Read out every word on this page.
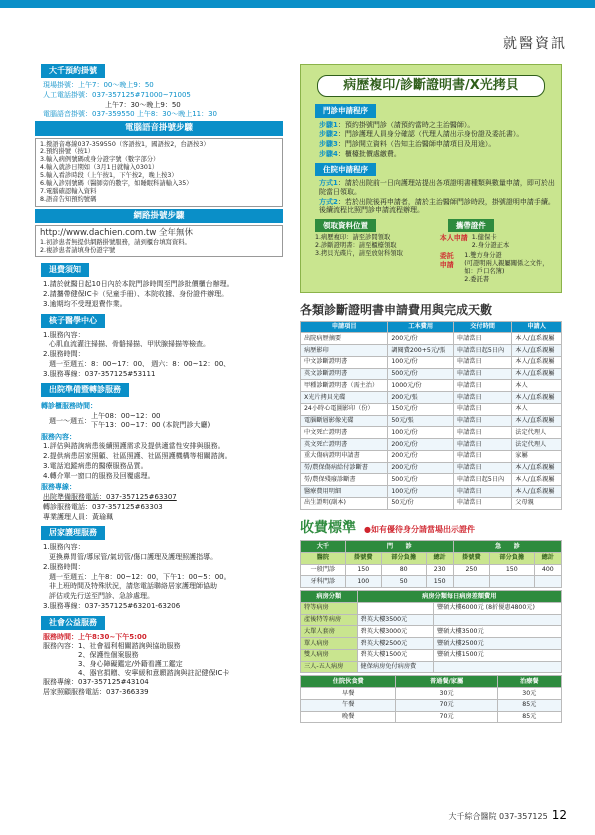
就醫資訊
大千預約掛號
現場掛號：上午7：00～晚上9：50
人工電話掛號：037-357125#71000~71005
上午7：30～晚上9：50
電腦語音掛號：037-359550 上午8：30～晚上11：30
電腦語音掛號步驟
1.撥語音專線037-359550（客語按1，國語按2，台語按3）
2.預約掛號（按1）
3.輸入病例號碼或身分證字號（數字部分）
4.輸入就診日期如（3月1日就輸入0301）
5.輸入看診時段（上午按1，下午按2，晚上按3）
6.輸入診別號碼（醫師旁的數字，如睡眠科請輸入35）
7.電腦確認輸入資料
8.語音告知預約號碼
網路掛號步驟
http://www.dachien.com.tw 全年無休
1.初診患者無提供網路掛號服務，請到櫃台填寫資料。
2.複診患者請填身份證字號
退費須知
1.請於就醫日起10日內於本院門診時間至門診批價櫃台辦理。
2.請攜帶健保IC卡（兒童手冊）、本院收據、身份證件辦理。
3.逾期均不受理退費作業。
核子醫學中心
1.服務內容：
心肌血流灌注掃描、骨骼掃描、甲狀腺掃描等檢查。
2.服務時間：
週一至週五：8：00~17：00、 週六：8：00~12：00、
3.服務專線：037-357125#53111
出院準備暨轉診服務
轉診櫃服務時間：
週一～週五：
上午08：00~12：00
下午13：00~17：00 (本院門診大廳)
服務內容：
1.評估與諮詢病患後續照護需求及提供適當性安排與服務。
2.提供病患居家照顧、社區照護、社區照護機構等相關諮詢。
3.電話追蹤病患的醫療服務品質。
4.轉介單一窗口的服務及回覆處理。
服務專線：
出院準備服務電話：037-357125#63307
轉診服務電話：037-357125#63303
專業護理人員：黃瑜珮
居家護理服務
1.服務內容：
更換鼻胃管/導尿管/氣切管/傷口護理及護理照護指導。
2.服務時間：
週一至週五：上午8：00~12：00，下午1：00~5：00。
非上班時間及特殊狀況，請您電話聯絡居家護理師協助
評估或先行送至門診、急診處理。
3.服務專線：037-357125#63201-63206
社會公益服務
服務時間：上午8:30~下午5:00
服務內容： 1、社會福利相關諮詢與協助服務
2、保護性個案服務
3、身心障礙鑑定/外籍看護工鑑定
4、器官捐贈、安寧緩和意願諮詢與註記健保IC卡
服務專線：037-357125#43104
居家照顧服務電話：037-366339
病歷複印/診斷證明書/X光拷貝
門診申請程序
步驟1：預約掛號門診（請預約當時之主治醫師）。
步驟2：門診護理人員身分確認（代理人請出示身份證及委託書）。
步驟3：門診開立資料（告知主治醫師申請項目及用途）。
步驟4：櫃檯批價處繳費。
住院申請程序
方式1：請於出院前一日向護理站提出各項證明書種類與數量申請，即可於出院當日領取。
方式2：若於出院後再申請者，請於主治醫師門診時段，掛號證明申請手續。後續流程比照門診申請流程辦理。
領取資料位置
1.病歷複印：請至診間領取
2.診斷證明書：請至櫃檯領取
3.拷貝光碟片，請至放射科領取
攜帶證件
本人申請 1.健保卡
2.身分證正本
委託申請
1.雙方身分證
(可證明兩人親屬關係之文件，如：戶口名簿)
2.委託書
各類診斷證明書申請費用與完成天數
申請項目	工本費用	交付時間	申請人
出院病歷摘要	200元/份	申請當日	本人/直系親屬
病歷影印	調閱費200+5元/張	申請當日起5日內	本人/直系親屬
中文診斷證明書	100元/份	申請當日	本人/直系親屬
英文診斷證明書	500元/份	申請當日	本人/直系親屬
甲種診斷證明書（需主治）	1000元/份	申請當日	本人
X光片拷貝光碟	200元/張	申請當日	本人/直系親屬
24小時心電圖影印（份）	150元/份	申請當日	本人
電腦斷層影像光碟	50元/張	申請當日	本人/直系親屬
中文死亡證明書	100元/份	申請當日	法定代理人
英文死亡證明書	200元/份	申請當日	法定代理人
重大傷病證明申請書	200元/份	申請當日	家屬
勞/農保傷病給付診斷書	200元/份	申請當日	本人/直系親屬
勞/農保殘廢診斷書	500元/份	申請當日起5日內	本人/直系親屬
醫療費用明細	100元/份	申請當日	本人/直系親屬
出生證明(副本)	50元/份	申請當日	父母親
收費標準 ●如有優待身分請當場出示證件
大千	門　　 診			急　　 診		
醫院	掛號費	部分負擔	總計	掛號費	部分負擔	總計
一般門診	150	80	230	250	150	400
牙科門診	100	50	150			
病房分類	病房分類每日病房差額費用	
特等病房		豐碩大樓6000元 (8折優惠4800元)
產後特等病房	碧英大樓3500元	
大單人套房	碧英大樓3000元	豐碩大樓3500元
單人病房	碧英大樓2500元	豐碩大樓2500元
雙人病房	碧英大樓1500元	豐碩大樓1500元
三人-五人病房	健保病房免付病房費	
住院伙食費	普通餐/家屬	治療餐
早餐	30元	30元
午餐	70元	85元
晚餐	70元	85元
大千綜合醫院 037-357125 12
